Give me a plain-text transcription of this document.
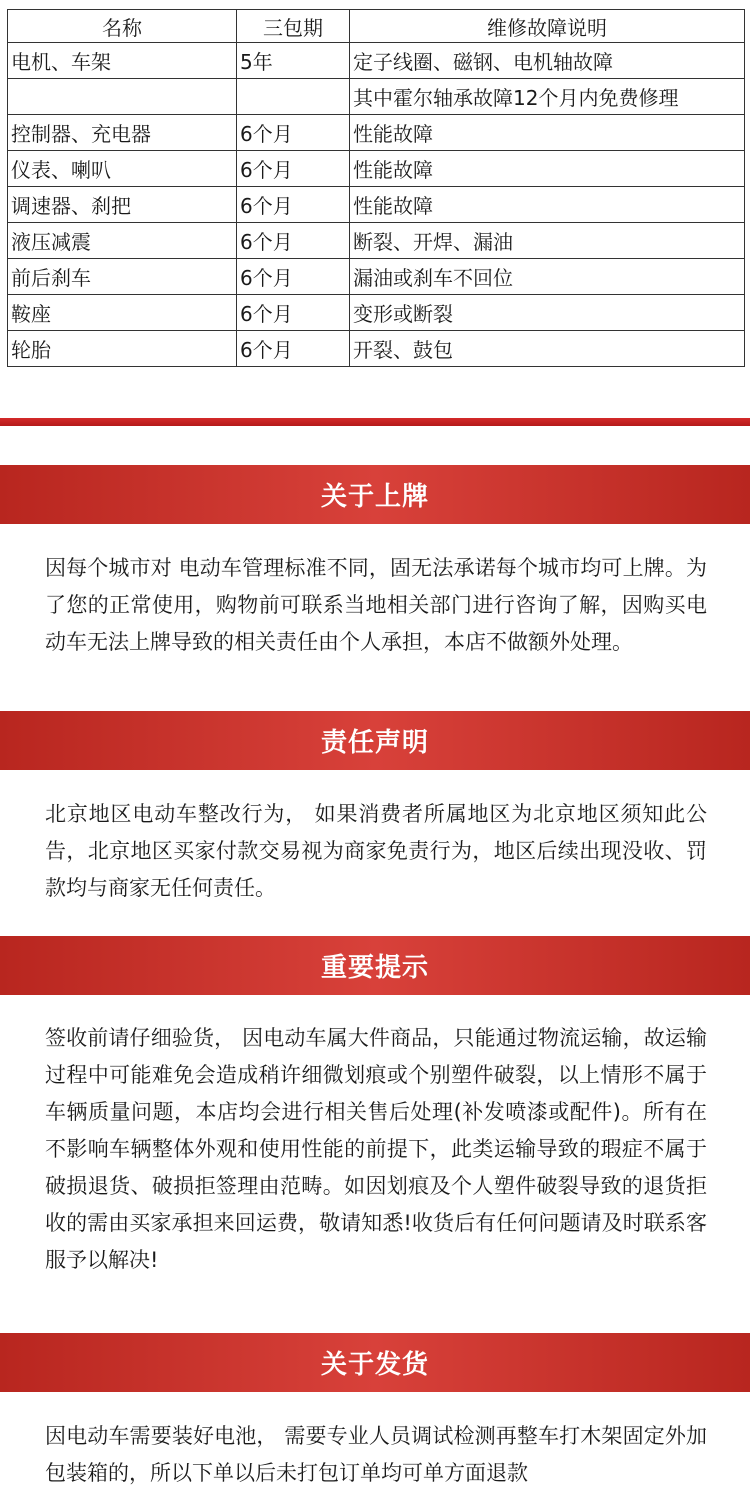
名称	三包期	维修故障说明
电机、车架	5年	定子线圈、磁钢、电机轴故障
		其中霍尔轴承故障12个月内免费修理
控制器、充电器	6个月	性能故障
仪表、喇叭	6个月	性能故障
调速器、刹把	6个月	性能故障
液压减震	6个月	断裂、开焊、漏油
前后刹车	6个月	漏油或刹车不回位
鞍座	6个月	变形或断裂
轮胎	6个月	开裂、鼓包
关于上牌

因每个城市对 电动车管理标准不同，固无法承诺每个城市均可上牌。为了您的正常使用，购物前可联系当地相关部门进行咨询了解，因购买电动车无法上牌导致的相关责任由个人承担，本店不做额外处理。

责任声明

北京地区电动车整改行为， 如果消费者所属地区为北京地区须知此公告，北京地区买家付款交易视为商家免责行为，地区后续出现没收、罚款均与商家无任何责任。

重要提示

签收前请仔细验货， 因电动车属大件商品，只能通过物流运输，故运输过程中可能难免会造成稍许细微划痕或个别塑件破裂，以上情形不属于车辆质量问题，本店均会进行相关售后处理(补发喷漆或配件)。所有在不影响车辆整体外观和使用性能的前提下，此类运输导致的瑕症不属于破损退货、破损拒签理由范畴。如因划痕及个人塑件破裂导致的退货拒收的需由买家承担来回运费，敬请知悉!收货后有任何问题请及时联系客服予以解决!

关于发货

因电动车需要装好电池， 需要专业人员调试检测再整车打木架固定外加包装箱的，所以下单以后未打包订单均可单方面退款
